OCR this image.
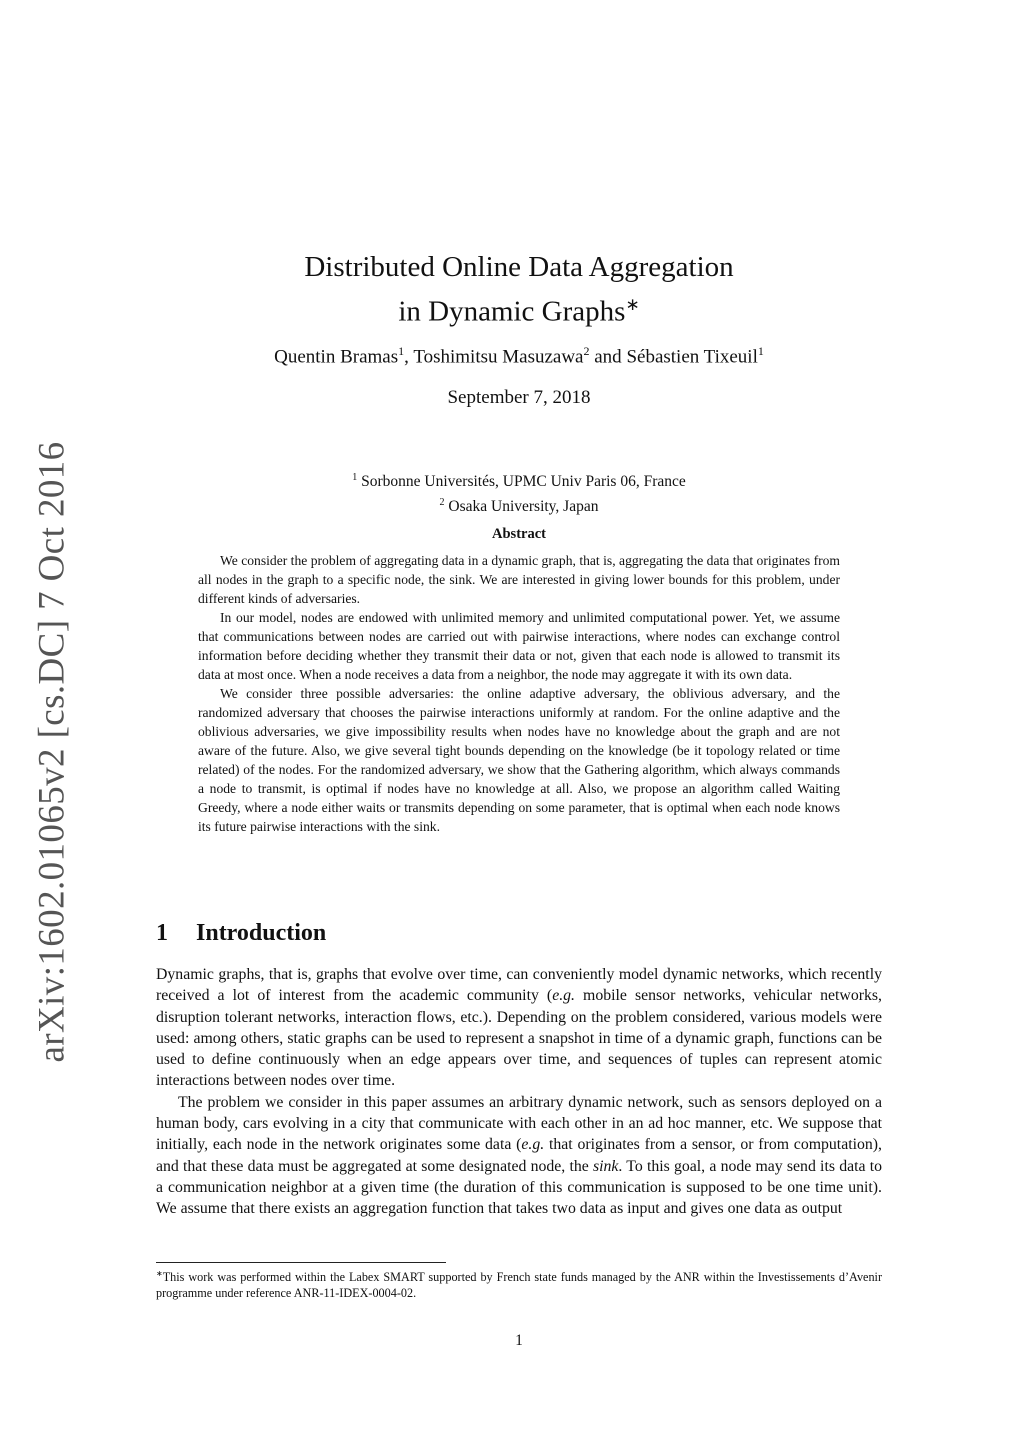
arXiv:1602.01065v2 [cs.DC] 7 Oct 2016
Distributed Online Data Aggregation
in Dynamic Graphs∗
Quentin Bramas$^1$, Toshimitsu Masuzawa$^2$ and Sébastien Tixeuil$^1$
September 7, 2018
$^1$ Sorbonne Universités, UPMC Univ Paris 06, France
$^2$ Osaka University, Japan
Abstract

We consider the problem of aggregating data in a dynamic graph, that is, aggregating the data that originates from all nodes in the graph to a specific node, the sink. We are interested in giving lower bounds for this problem, under different kinds of adversaries.

In our model, nodes are endowed with unlimited memory and unlimited computational power. Yet, we assume that communications between nodes are carried out with pairwise interactions, where nodes can exchange control information before deciding whether they transmit their data or not, given that each node is allowed to transmit its data at most once. When a node receives a data from a neighbor, the node may aggregate it with its own data.

We consider three possible adversaries: the online adaptive adversary, the oblivious adversary, and the randomized adversary that chooses the pairwise interactions uniformly at random. For the online adaptive and the oblivious adversaries, we give impossibility results when nodes have no knowledge about the graph and are not aware of the future. Also, we give several tight bounds depending on the knowledge (be it topology related or time related) of the nodes. For the randomized adversary, we show that the Gathering algorithm, which always commands a node to transmit, is optimal if nodes have no knowledge at all. Also, we propose an algorithm called Waiting Greedy, where a node either waits or transmits depending on some parameter, that is optimal when each node knows its future pairwise interactions with the sink.

1 Introduction

Dynamic graphs, that is, graphs that evolve over time, can conveniently model dynamic networks, which recently received a lot of interest from the academic community (e.g. mobile sensor networks, vehicular networks, disruption tolerant networks, interaction flows, etc.). Depending on the problem considered, various models were used: among others, static graphs can be used to represent a snapshot in time of a dynamic graph, functions can be used to define continuously when an edge appears over time, and sequences of tuples can represent atomic interactions between nodes over time.

The problem we consider in this paper assumes an arbitrary dynamic network, such as sensors deployed on a human body, cars evolving in a city that communicate with each other in an ad hoc manner, etc. We suppose that initially, each node in the network originates some data (e.g. that originates from a sensor, or from computation), and that these data must be aggregated at some designated node, the sink. To this goal, a node may send its data to a communication neighbor at a given time (the duration of this communication is supposed to be one time unit). We assume that there exists an aggregation function that takes two data as input and gives one data as output

∗This work was performed within the Labex SMART supported by French state funds managed by the ANR within the Investissements d’Avenir programme under reference ANR-11-IDEX-0004-02.
1
